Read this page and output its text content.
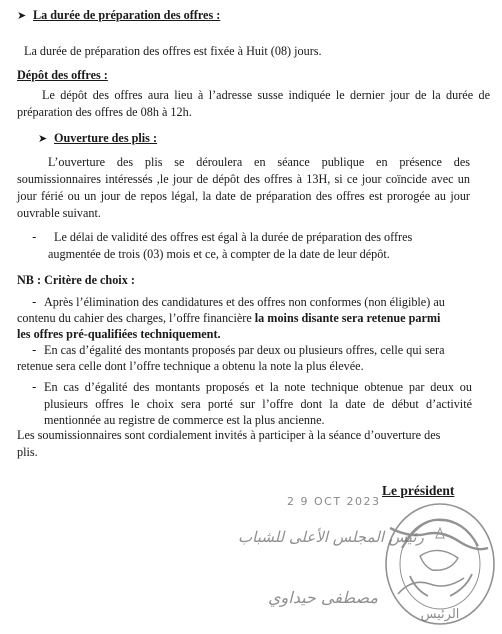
➤ La durée de préparation des offres :
La durée de préparation des offres est fixée à Huit (08) jours.
Dépôt des offres :
Le dépôt des offres aura lieu à l’adresse susse indiquée le dernier jour de la durée de
préparation des offres de 08h à 12h.
➤ Ouverture des plis :
L’ouverture des plis se déroulera en séance publique en présence des
soumissionnaires intéressés ,le jour de dépôt des offres à 13H, si ce jour coïncide avec un
jour férié ou un jour de repos légal, la date de préparation des offres est prorogée au jour
ouvrable suivant.
- Le délai de validité des offres est égal à la durée de préparation des offres
augmentée de trois (03) mois et ce, à compter de la date de leur dépôt.
NB : Critère de choix :
- Après l’élimination des candidatures et des offres non conformes (non éligible) au
contenu du cahier des charges, l’offre financière la moins disante sera retenue parmi
les offres pré-qualifiées techniquement.
- En cas d’égalité des montants proposés par deux ou plusieurs offres, celle qui sera
retenue sera celle dont l’offre technique a obtenu la note la plus élevée.
- En cas d’égalité des montants proposés et la note technique obtenue par deux ou
plusieurs offres le choix sera porté sur l’offre dont la date de début d’activité
mentionnée au registre de commerce est la plus ancienne.
Les soumissionnaires sont cordialement invités à participer à la séance d’ouverture des
plis.
2 9 OCT 2023
Le président
رئيس المجلس الأعلى للشباب
مصطفى حيداوي
الرئيس
